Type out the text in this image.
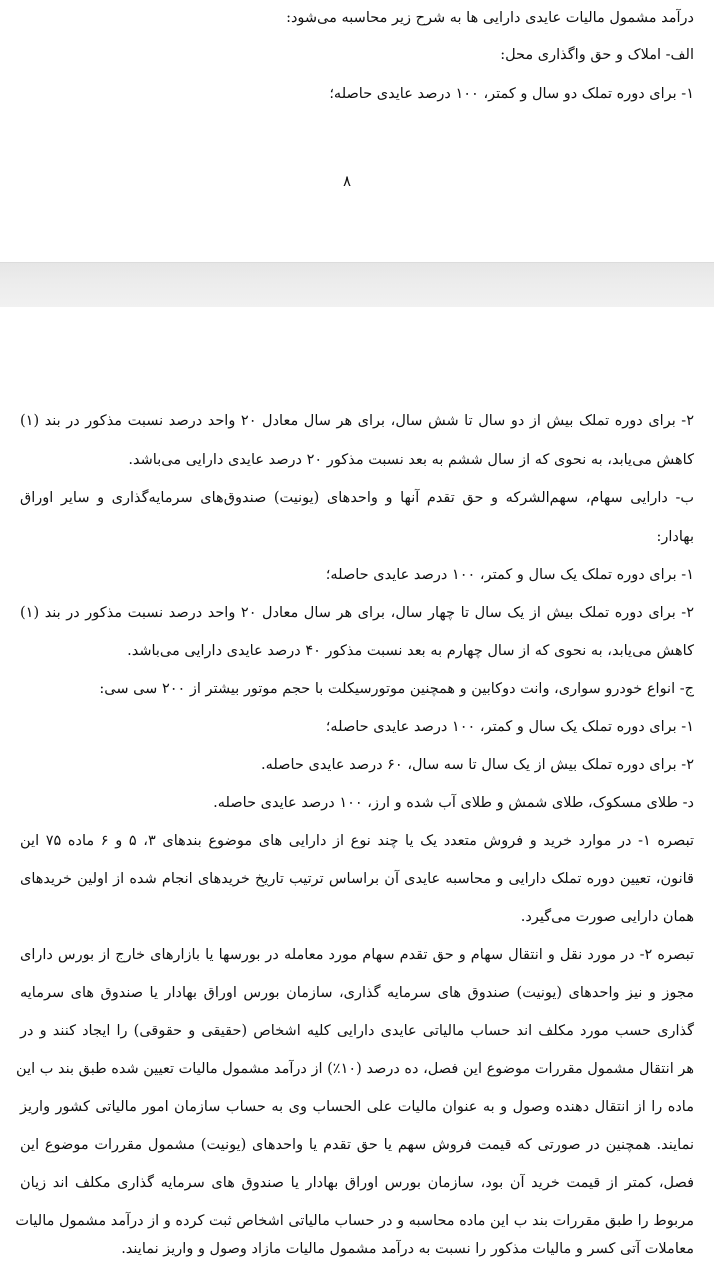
درآمد مشمول مالیات عایدی دارایی ها به شرح زیر محاسبه می‌شود:
الف- املاک و حق واگذاری محل:
۱- برای دوره تملک دو سال و کمتر، ۱۰۰ درصد عایدی حاصله؛
۸
۲- برای دوره تملک بیش از دو سال تا شش سال، برای هر سال معادل ۲۰ واحد درصد نسبت مذکور در بند (۱)
کاهش می‌یابد، به نحوی که از سال ششم به بعد نسبت مذکور ۲۰ درصد عایدی دارایی می‌باشد.
ب- دارایی سهام، سهم‌الشرکه و حق تقدم آنها و واحدهای (یونیت) صندوق‌های سرمایه‌گذاری و سایر اوراق
بهادار:
۱- برای دوره تملک یک سال و کمتر، ۱۰۰ درصد عایدی حاصله؛
۲- برای دوره تملک بیش از یک سال تا چهار سال، برای هر سال معادل ۲۰ واحد درصد نسبت مذکور در بند (۱)
کاهش می‌یابد، به نحوی که از سال چهارم به بعد نسبت مذکور ۴۰ درصد عایدی دارایی می‌باشد.
ج- انواع خودرو سواری، وانت دوکابین و همچنین موتورسیکلت با حجم موتور بیشتر از ۲۰۰ سی سی:
۱- برای دوره تملک یک سال و کمتر، ۱۰۰ درصد عایدی حاصله؛
۲- برای دوره تملک بیش از یک سال تا سه سال، ۶۰ درصد عایدی حاصله.
د- طلای مسکوک، طلای شمش و طلای آب شده و ارز، ۱۰۰ درصد عایدی حاصله.
تبصره ۱- در موارد خرید و فروش متعدد یک یا چند نوع از دارایی های موضوع بندهای ۳، ۵ و ۶ ماده ۷۵ این
قانون، تعیین دوره تملک دارایی و محاسبه عایدی آن براساس ترتیب تاریخ خریدهای انجام شده از اولین خریدهای
همان دارایی صورت می‌گیرد.
تبصره ۲- در مورد نقل و انتقال سهام و حق تقدم سهام مورد معامله در بورسها یا بازارهای خارج از بورس دارای
مجوز و نیز واحدهای (یونیت) صندوق های سرمایه گذاری، سازمان بورس اوراق بهادار یا صندوق های سرمایه
گذاری حسب مورد مکلف اند حساب مالیاتی عایدی دارایی کلیه اشخاص (حقیقی و حقوقی) را ایجاد کنند و در
هر انتقال مشمول مقررات موضوع این فصل، ده درصد (۱۰٪) از درآمد مشمول مالیات تعیین شده طبق بند ب این
ماده را از انتقال دهنده وصول و به عنوان مالیات علی الحساب وی به حساب سازمان امور مالیاتی کشور واریز
نمایند. همچنین در صورتی که قیمت فروش سهم یا حق تقدم یا واحدهای (یونیت) مشمول مقررات موضوع این
فصل، کمتر از قیمت خرید آن بود، سازمان بورس اوراق بهادار یا صندوق های سرمایه گذاری مکلف اند زیان
مربوط را طبق مقررات بند ب این ماده محاسبه و در حساب مالیاتی اشخاص ثبت کرده و از درآمد مشمول مالیات
معاملات آتی کسر و مالیات مذکور را نسبت به درآمد مشمول مالیات مازاد وصول و واریز نمایند.
